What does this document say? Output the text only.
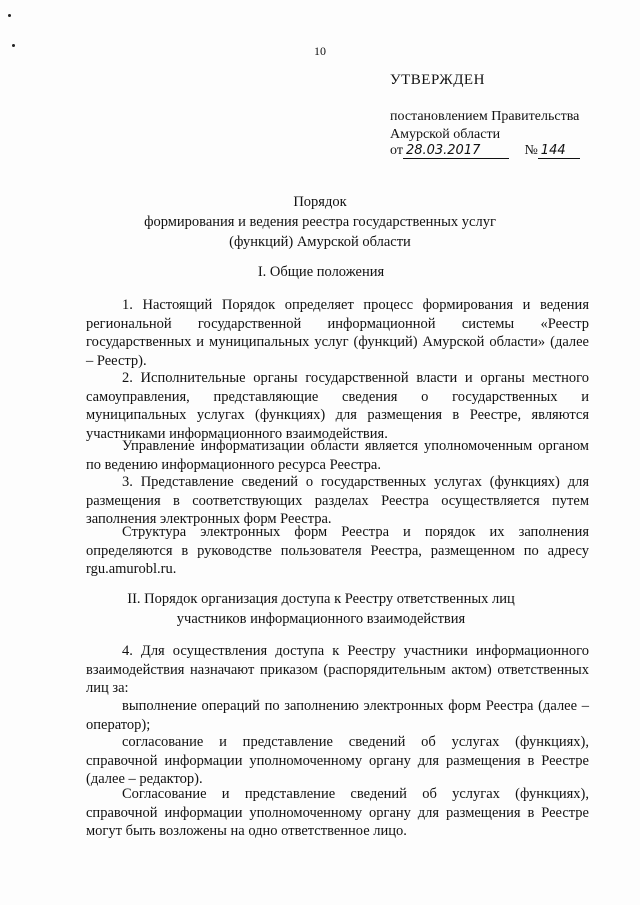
10
УТВЕРЖДЕН
постановлением Правительства
Амурской области
от 28.03.2017	№ 144
Порядок
формирования и ведения реестра государственных услуг
(функций) Амурской области
I. Общие положения
1. Настоящий Порядок определяет процесс формирования и ведения региональной государственной информационной системы «Реестр государственных и муниципальных услуг (функций) Амурской области» (далее – Реестр).
2. Исполнительные органы государственной власти и органы местного самоуправления, представляющие сведения о государственных и муниципальных услугах (функциях) для размещения в Реестре, являются участниками информационного взаимодействия.
Управление информатизации области является уполномоченным органом по ведению информационного ресурса Реестра.
3. Представление сведений о государственных услугах (функциях) для размещения в соответствующих разделах Реестра осуществляется путем заполнения электронных форм Реестра.
Структура электронных форм Реестра и порядок их заполнения определяются в руководстве пользователя Реестра, размещенном по адресу rgu.amurobl.ru.
II. Порядок организация доступа к Реестру ответственных лиц
участников информационного взаимодействия
4. Для осуществления доступа к Реестру участники информационного взаимодействия назначают приказом (распорядительным актом) ответственных лиц за:
выполнение операций по заполнению электронных форм Реестра (далее – оператор);
согласование и представление сведений об услугах (функциях), справочной информации уполномоченному органу для размещения в Реестре (далее – редактор).
Согласование и представление сведений об услугах (функциях), справочной информации уполномоченному органу для размещения в Реестре могут быть возложены на одно ответственное лицо.
